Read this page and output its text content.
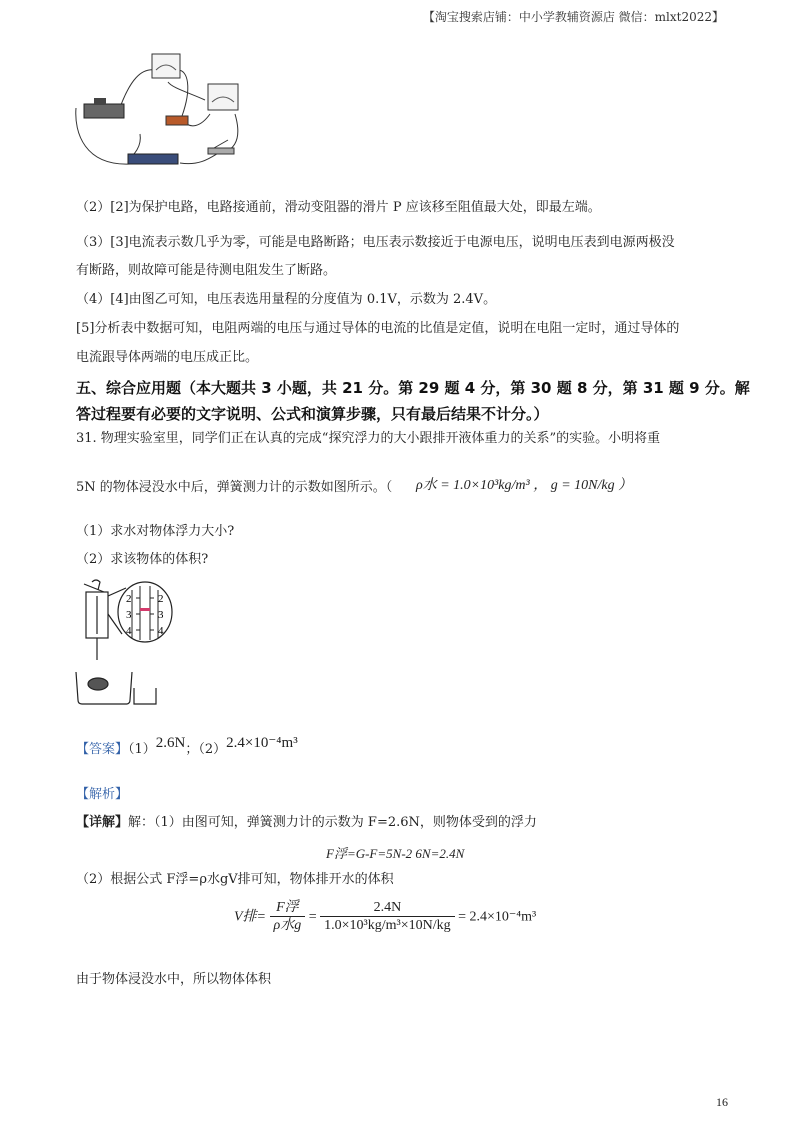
【淘宝搜索店铺：中小学教辅资源店 微信：mlxt2022】
（2）[2]为保护电路，电路接通前，滑动变阻器的滑片 P 应该移至阻值最大处，即最左端。
（3）[3]电流表示数几乎为零，可能是电路断路；电压表示数接近于电源电压，说明电压表到电源两极没
有断路，则故障可能是待测电阻发生了断路。
（4）[4]由图乙可知，电压表选用量程的分度值为 0.1V，示数为 2.4V。
[5]分析表中数据可知，电阻两端的电压与通过导体的电流的比值是定值，说明在电阻一定时，通过导体的
电流跟导体两端的电压成正比。
五、综合应用题（本大题共 3 小题，共 21 分。第 29 题 4 分，第 30 题 8 分，第 31 题 9 分。解
答过程要有必要的文字说明、公式和演算步骤，只有最后结果不计分。）
31. 物理实验室里，同学们正在认真的完成“探究浮力的大小跟排开液体重力的关系”的实验。小明将重
5N 的物体浸没水中后，弹簧测力计的示数如图所示。（ ρ水 = 1.0×10³kg/m³ ， g = 10N/kg ）
（1）求水对物体浮力大小?
（2）求该物体的体积?
2
3
4
2
3
4
【答案】（1）2.6N；（2）2.4×10⁻⁴m³
【解析】
【详解】解：（1）由图可知，弹簧测力计的示数为 F=2.6N，则物体受到的浮力
F浮=G-F=5N-2 6N=2.4N
（2）根据公式 F浮=ρ水gV排可知，物体排开水的体积
V排= $\frac{\text{F浮}}{\text{ρ水g}} = \frac{2.4N}{\text{1.0×10³kg/m³×10N/kg}} = 2.4\times 10^{-4}m^3$
由于物体浸没水中，所以物体体积
16
